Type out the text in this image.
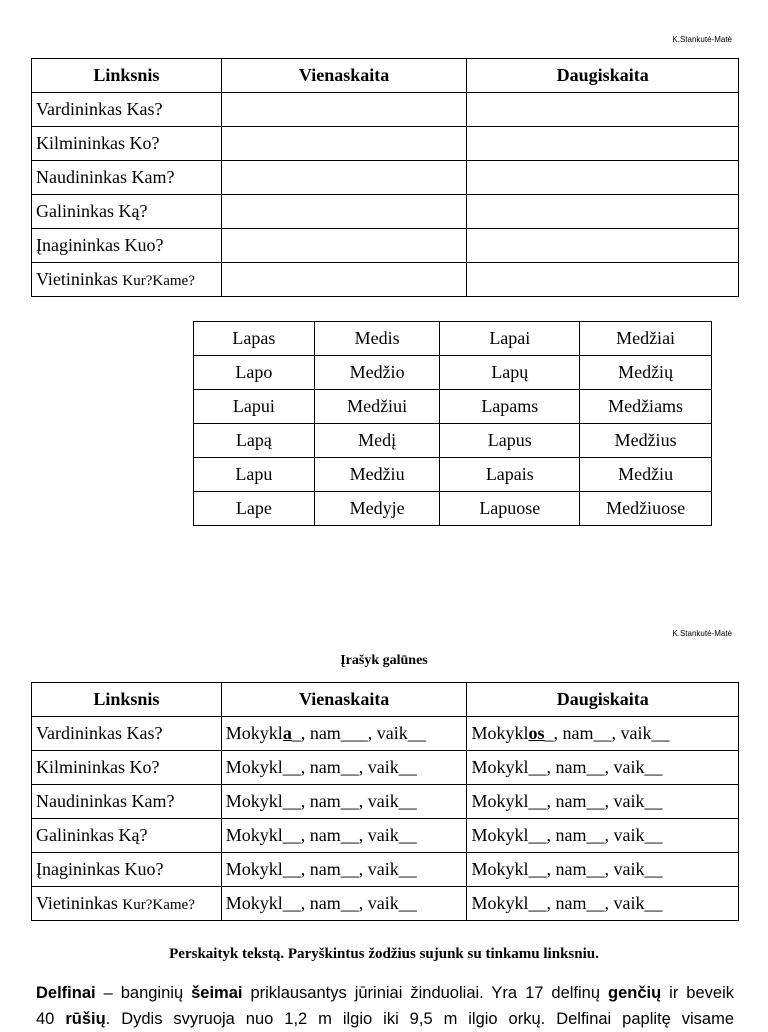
K.Stankutė-Matė
Linksnis	Vienaskaita	Daugiskaita
Vardininkas Kas?		
Kilmininkas Ko?		
Naudininkas Kam?		
Galininkas Ką?		
Įnagininkas Kuo?		
Vietininkas Kur?Kame?		
Lapas	Medis	Lapai	Medžiai
Lapo	Medžio	Lapų	Medžių
Lapui	Medžiui	Lapams	Medžiams
Lapą	Medį	Lapus	Medžius
Lapu	Medžiu	Lapais	Medžiu
Lape	Medyje	Lapuose	Medžiuose
K.Stankutė-Matė
Įrašyk galūnes
Linksnis	Vienaskaita	Daugiskaita
Vardininkas Kas?	Mokykla_, nam___, vaik__	Mokyklos_, nam__, vaik__
Kilmininkas Ko?	Mokykl__, nam__, vaik__	Mokykl__, nam__, vaik__
Naudininkas Kam?	Mokykl__, nam__, vaik__	Mokykl__, nam__, vaik__
Galininkas Ką?	Mokykl__, nam__, vaik__	Mokykl__, nam__, vaik__
Įnagininkas Kuo?	Mokykl__, nam__, vaik__	Mokykl__, nam__, vaik__
Vietininkas Kur?Kame?	Mokykl__, nam__, vaik__	Mokykl__, nam__, vaik__
Perskaityk tekstą. Paryškintus žodžius sujunk su tinkamu linksniu.
Delfinai – banginių šeimai priklausantys jūriniai žinduoliai. Yra 17 delfinų genčių ir beveik
40 rūšių. Dydis svyruoja nuo 1,2 m ilgio iki 9,5 m ilgio orkų. Delfinai paplitę visame
